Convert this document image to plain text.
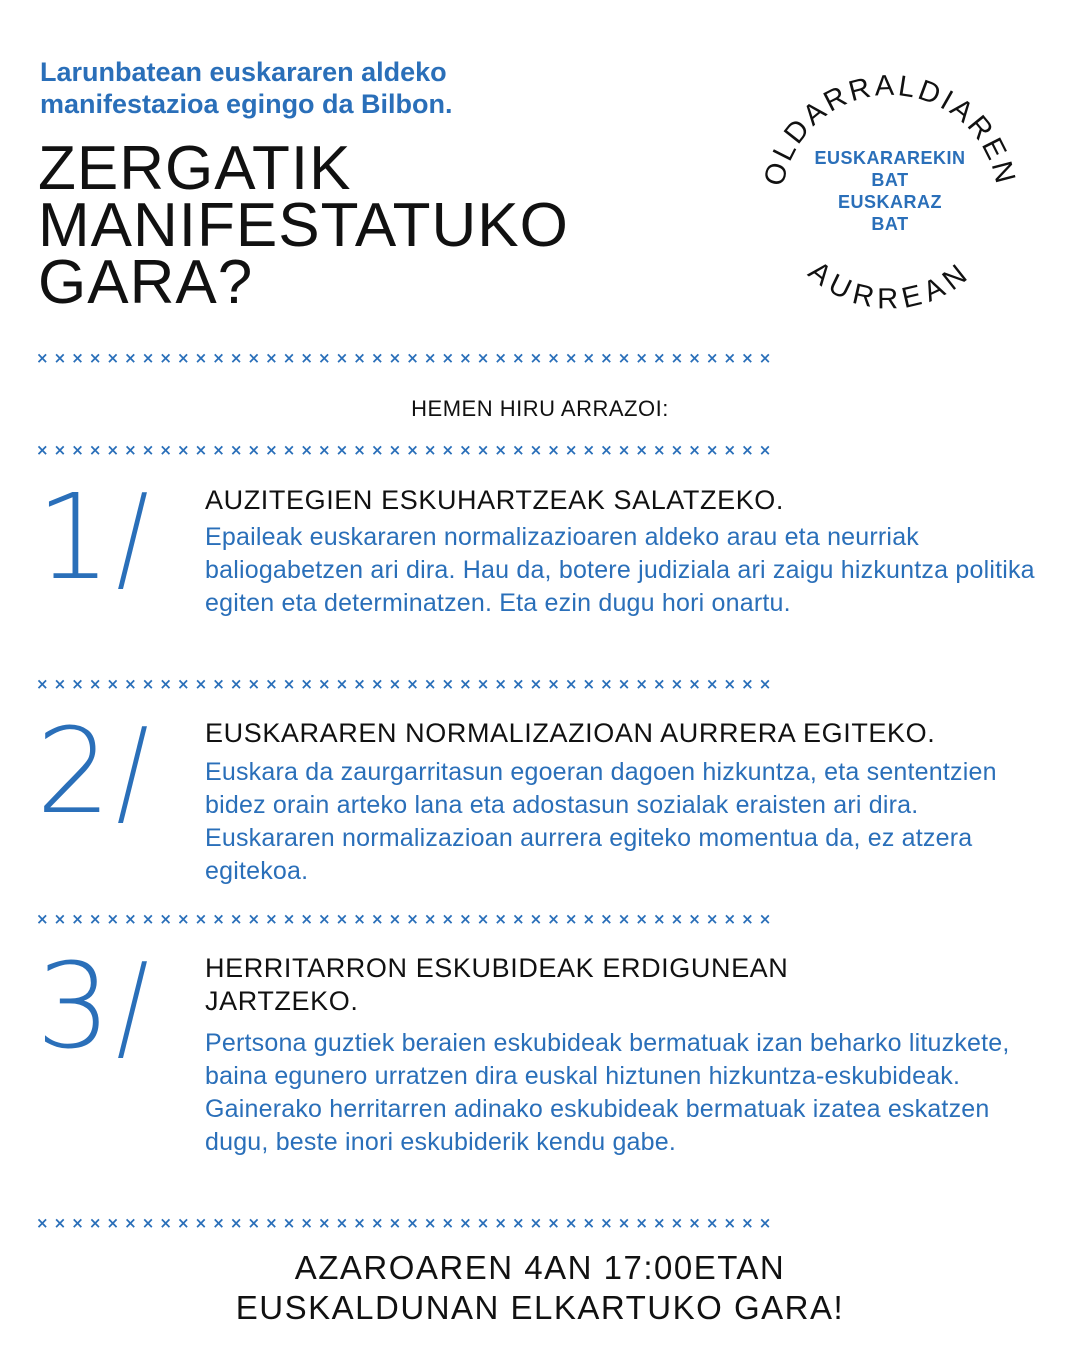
Larunbatean euskararen aldeko
manifestazioa egingo da Bilbon.
ZERGATIK
MANIFESTATUKO
GARA?
OLDARRALDIAREN
AURREAN
EUSKARAREKIN
BAT
EUSKARAZ
BAT
××××××××××××××××××××××××××××××××××××××××××
HEMEN HIRU ARRAZOI:
××××××××××××××××××××××××××××××××××××××××××
1/ AUZITEGIEN ESKUHARTZEAK SALATZEKO.
Epaileak euskararen normalizazioaren aldeko arau eta neurriak baliogabetzen ari dira. Hau da, botere judiziala ari zaigu hizkuntza politika egiten eta determinatzen. Eta ezin dugu hori onartu.
××××××××××××××××××××××××××××××××××××××××××
2/ EUSKARAREN NORMALIZAZIOAN AURRERA EGITEKO.
Euskara da zaurgarritasun egoeran dagoen hizkuntza, eta sententzien bidez orain arteko lana eta adostasun sozialak eraisten ari dira. Euskararen normalizazioan aurrera egiteko momentua da, ez atzera egitekoa.
××××××××××××××××××××××××××××××××××××××××××
3/ HERRITARRON ESKUBIDEAK ERDIGUNEAN JARTZEKO.
Pertsona guztiek beraien eskubideak bermatuak izan beharko lituzkete, baina egunero urratzen dira euskal hiztunen hizkuntza-eskubideak. Gainerako herritarren adinako eskubideak bermatuak izatea eskatzen dugu, beste inori eskubiderik kendu gabe.
××××××××××××××××××××××××××××××××××××××××××
AZAROAREN 4AN 17:00ETAN
EUSKALDUNAN ELKARTUKO GARA!
